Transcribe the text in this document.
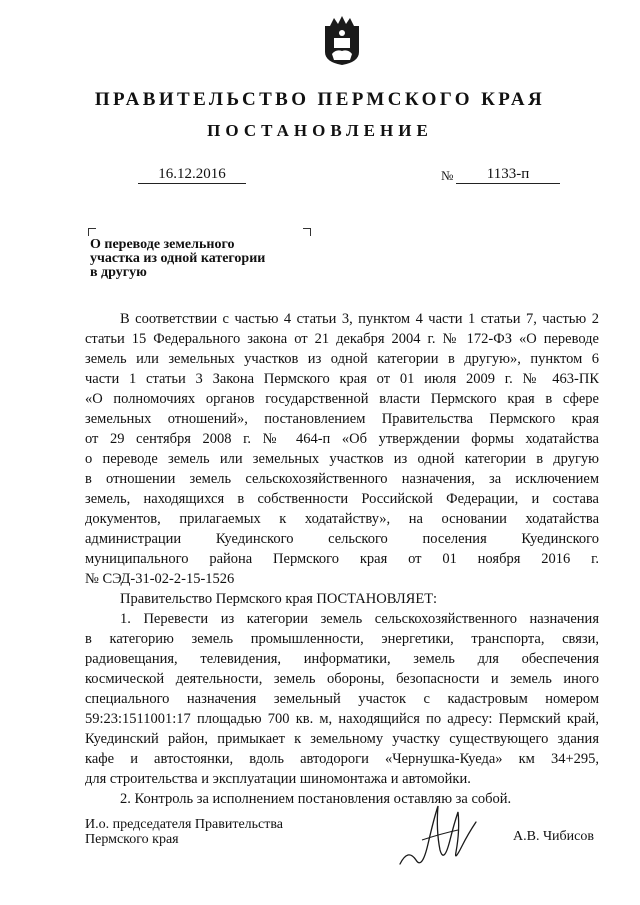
ПРАВИТЕЛЬСТВО ПЕРМСКОГО КРАЯ
ПОСТАНОВЛЕНИЕ
16.12.2016	№	1133-п
О переводе земельного
участка из одной категории
в другую
В соответствии с частью 4 статьи 3, пунктом 4 части 1 статьи 7, частью 2
статьи 15 Федерального закона от 21 декабря 2004 г. № 172-ФЗ «О переводе
земель или земельных участков из одной категории в другую», пунктом 6
части 1 статьи 3 Закона Пермского края от 01 июля 2009 г. № 463-ПК
«О полномочиях органов государственной власти Пермского края в сфере
земельных отношений», постановлением Правительства Пермского края
от 29 сентября 2008 г. № 464-п «Об утверждении формы ходатайства
о переводе земель или земельных участков из одной категории в другую
в отношении земель сельскохозяйственного назначения, за исключением
земель, находящихся в собственности Российской Федерации, и состава
документов, прилагаемых к ходатайству», на основании ходатайства
администрации Куединского сельского поселения Куединского
муниципального района Пермского края от 01 ноября 2016 г.
№ СЭД-31-02-2-15-1526
Правительство Пермского края ПОСТАНОВЛЯЕТ:
1. Перевести из категории земель сельскохозяйственного назначения
в категорию земель промышленности, энергетики, транспорта, связи,
радиовещания, телевидения, информатики, земель для обеспечения
космической деятельности, земель обороны, безопасности и земель иного
специального назначения земельный участок с кадастровым номером
59:23:1511001:17 площадью 700 кв. м, находящийся по адресу: Пермский край,
Куединский район, примыкает к земельному участку существующего здания
кафе и автостоянки, вдоль автодороги «Чернушка-Куеда» км 34+295,
для строительства и эксплуатации шиномонтажа и автомойки.
2. Контроль за исполнением постановления оставляю за собой.
И.о. председателя Правительства
Пермского края	А.В. Чибисов
